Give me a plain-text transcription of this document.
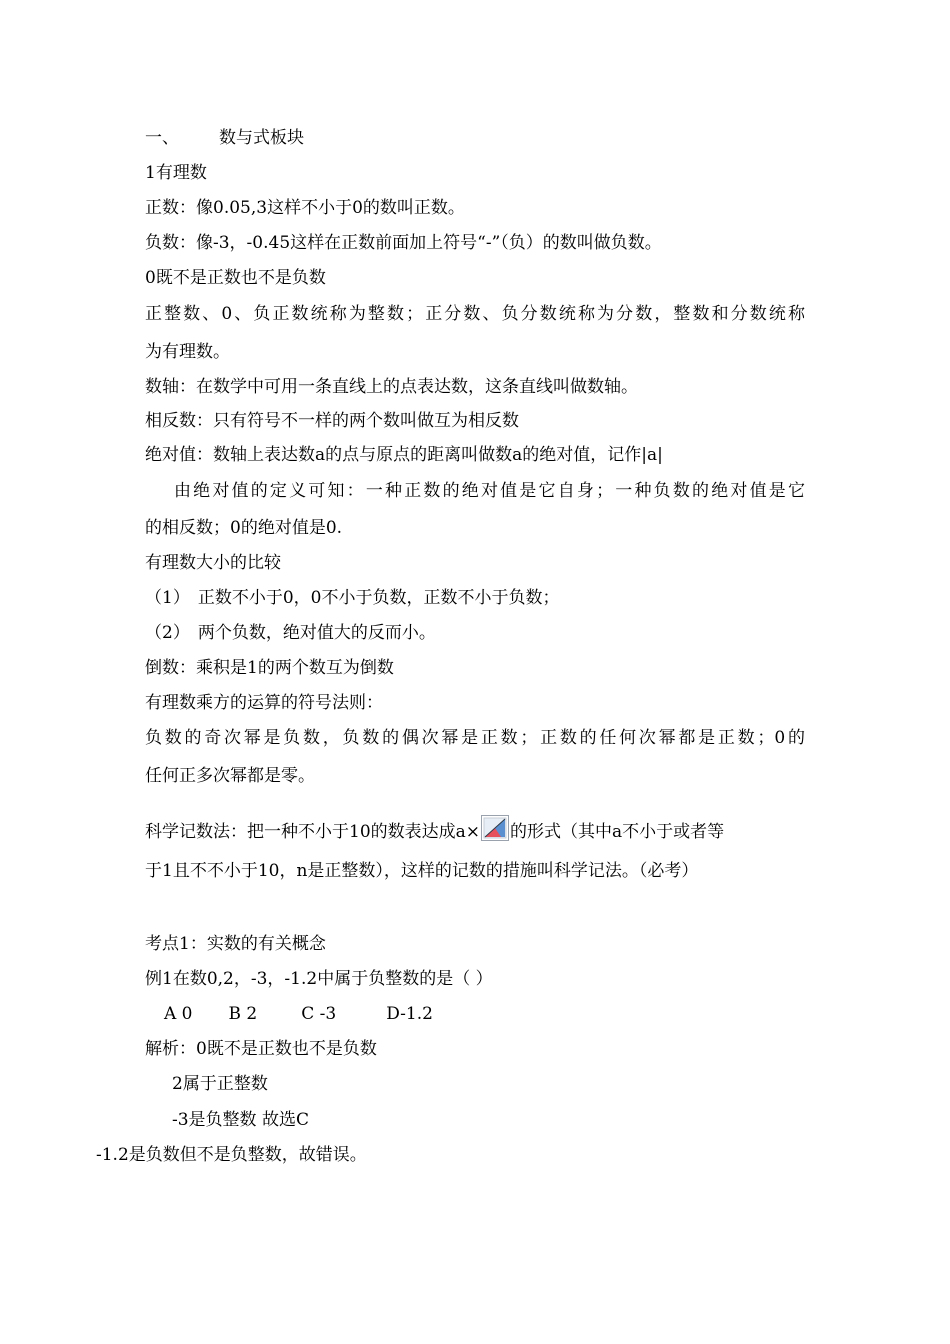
一、 数与式板块
1有理数
正数：像0.05,3这样不小于0的数叫正数。
负数：像-3，-0.45这样在正数前面加上符号“-”（负）的数叫做负数。
0既不是正数也不是负数
正整数、0、负正数统称为整数；正分数、负分数统称为分数，整数和分数统称
为有理数。
数轴：在数学中可用一条直线上的点表达数，这条直线叫做数轴。
相反数：只有符号不一样的两个数叫做互为相反数
绝对值：数轴上表达数a的点与原点的距离叫做数a的绝对值，记作|a|
由绝对值的定义可知：一种正数的绝对值是它自身；一种负数的绝对值是它
的相反数；0的绝对值是0.
有理数大小的比较
（1） 正数不小于0，0不小于负数，正数不小于负数；
（2） 两个负数，绝对值大的反而小。
倒数：乘积是1的两个数互为倒数
有理数乘方的运算的符号法则：
负数的奇次幂是负数，负数的偶次幂是正数；正数的任何次幂都是正数；0的
任何正多次幂都是零。
科学记数法：把一种不小于10的数表达成a× 的形式（其中a不小于或者等
于1且不不小于10，n是正整数），这样的记数的措施叫科学记法。（必考）
考点1：实数的有关概念
例1在数0,2，-3，-1.2中属于负整数的是（ ）
A 0 B 2	C -3	D-1.2
解析：0既不是正数也不是负数
2属于正整数
-3是负整数 故选C
-1.2是负数但不是负整数，故错误。
